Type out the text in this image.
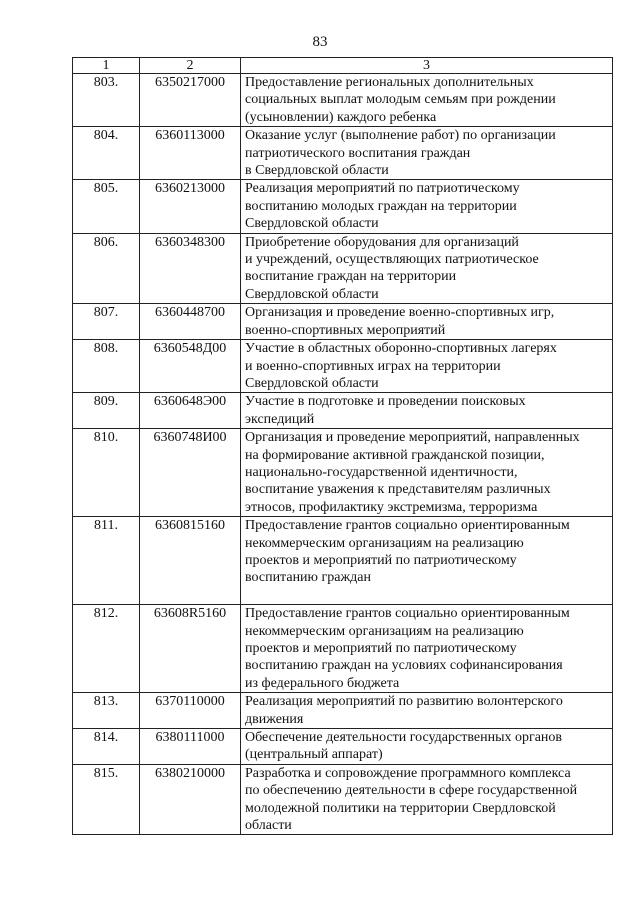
83
1	2	3
803.	6350217000	Предоставление региональных дополнительных
социальных выплат молодым семьям при рождении
(усыновлении) каждого ребенка

804.	6360113000	Оказание услуг (выполнение работ) по организации
патриотического воспитания граждан
в Свердловской области

805.	6360213000	Реализация мероприятий по патриотическому
воспитанию молодых граждан на территории
Свердловской области

806.	6360348300	Приобретение оборудования для организаций
и учреждений, осуществляющих патриотическое
воспитание граждан на территории
Свердловской области

807.	6360448700	Организация и проведение военно-спортивных игр,
военно-спортивных мероприятий

808.	6360548Д00	Участие в областных оборонно-спортивных лагерях
и военно-спортивных играх на территории
Свердловской области

809.	6360648Э00	Участие в подготовке и проведении поисковых
экспедиций

810.	6360748И00	Организация и проведение мероприятий, направленных
на формирование активной гражданской позиции,
национально-государственной идентичности,
воспитание уважения к представителям различных
этносов, профилактику экстремизма, терроризма

811.	6360815160	Предоставление грантов социально ориентированным
некоммерческим организациям на реализацию
проектов и мероприятий по патриотическому
воспитанию граждан

812.	63608R5160	Предоставление грантов социально ориентированным
некоммерческим организациям на реализацию
проектов и мероприятий по патриотическому
воспитанию граждан на условиях софинансирования
из федерального бюджета

813.	6370110000	Реализация мероприятий по развитию волонтерского
движения

814.	6380111000	Обеспечение деятельности государственных органов
(центральный аппарат)

815.	6380210000	Разработка и сопровождение программного комплекса
по обеспечению деятельности в сфере государственной
молодежной политики на территории Свердловской
области
